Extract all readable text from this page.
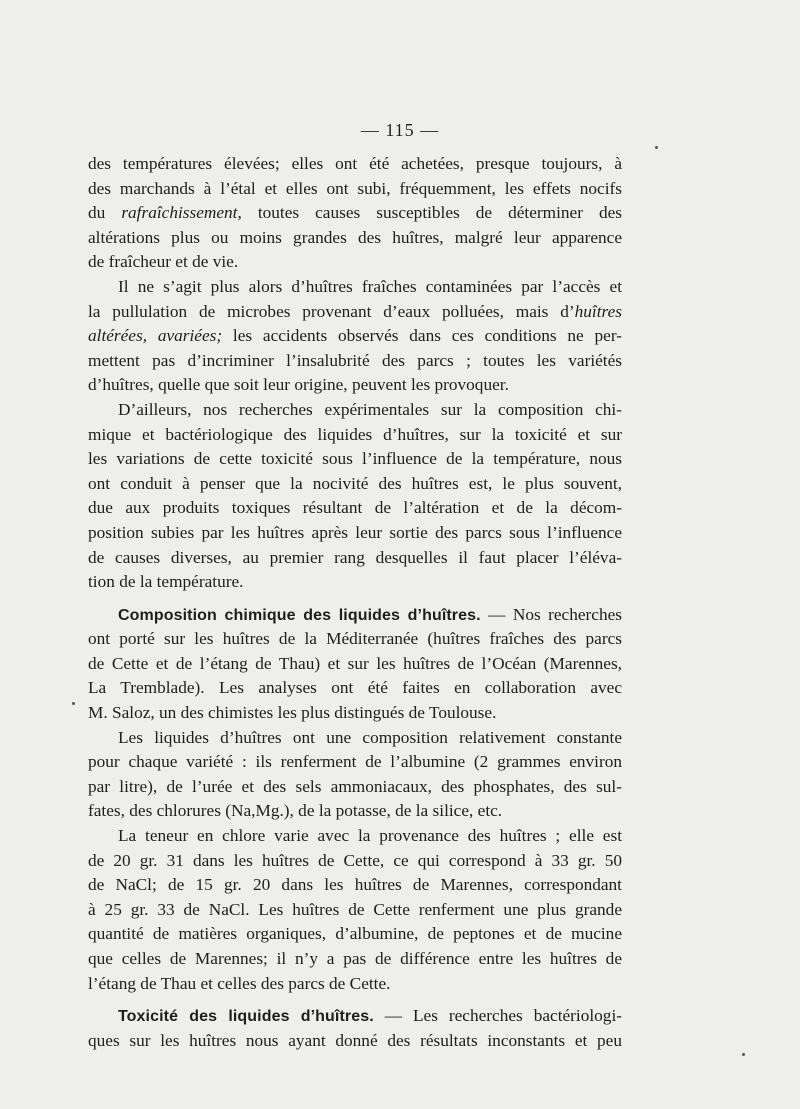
— 115 —
des températures élevées; elles ont été achetées, presque toujours, à
des marchands à l’étal et elles ont subi, fréquemment, les effets nocifs
du rafraîchissement, toutes causes susceptibles de déterminer des
altérations plus ou moins grandes des huîtres, malgré leur apparence
de fraîcheur et de vie.
Il ne s’agit plus alors d’huîtres fraîches contaminées par l’accès et
la pullulation de microbes provenant d’eaux polluées, mais d’huîtres
altérées, avariées; les accidents observés dans ces conditions ne per-
mettent pas d’incriminer l’insalubrité des parcs ; toutes les variétés
d’huîtres, quelle que soit leur origine, peuvent les provoquer.
D’ailleurs, nos recherches expérimentales sur la composition chi-
mique et bactériologique des liquides d’huîtres, sur la toxicité et sur
les variations de cette toxicité sous l’influence de la température, nous
ont conduit à penser que la nocivité des huîtres est, le plus souvent,
due aux produits toxiques résultant de l’altération et de la décom-
position subies par les huîtres après leur sortie des parcs sous l’influence
de causes diverses, au premier rang desquelles il faut placer l’éléva-
tion de la température.
Composition chimique des liquides d’huîtres. — Nos recherches
ont porté sur les huîtres de la Méditerranée (huîtres fraîches des parcs
de Cette et de l’étang de Thau) et sur les huîtres de l’Océan (Marennes,
La Tremblade). Les analyses ont été faites en collaboration avec
M. Saloz, un des chimistes les plus distingués de Toulouse.
Les liquides d’huîtres ont une composition relativement constante
pour chaque variété : ils renferment de l’albumine (2 grammes environ
par litre), de l’urée et des sels ammoniacaux, des phosphates, des sul-
fates, des chlorures (Na,Mg.), de la potasse, de la silice, etc.
La teneur en chlore varie avec la provenance des huîtres ; elle est
de 20 gr. 31 dans les huîtres de Cette, ce qui correspond à 33 gr. 50
de NaCl; de 15 gr. 20 dans les huîtres de Marennes, correspondant
à 25 gr. 33 de NaCl. Les huîtres de Cette renferment une plus grande
quantité de matières organiques, d’albumine, de peptones et de mucine
que celles de Marennes; il n’y a pas de différence entre les huîtres de
l’étang de Thau et celles des parcs de Cette.
Toxicité des liquides d’huîtres. — Les recherches bactériologi-
ques sur les huîtres nous ayant donné des résultats inconstants et peu
